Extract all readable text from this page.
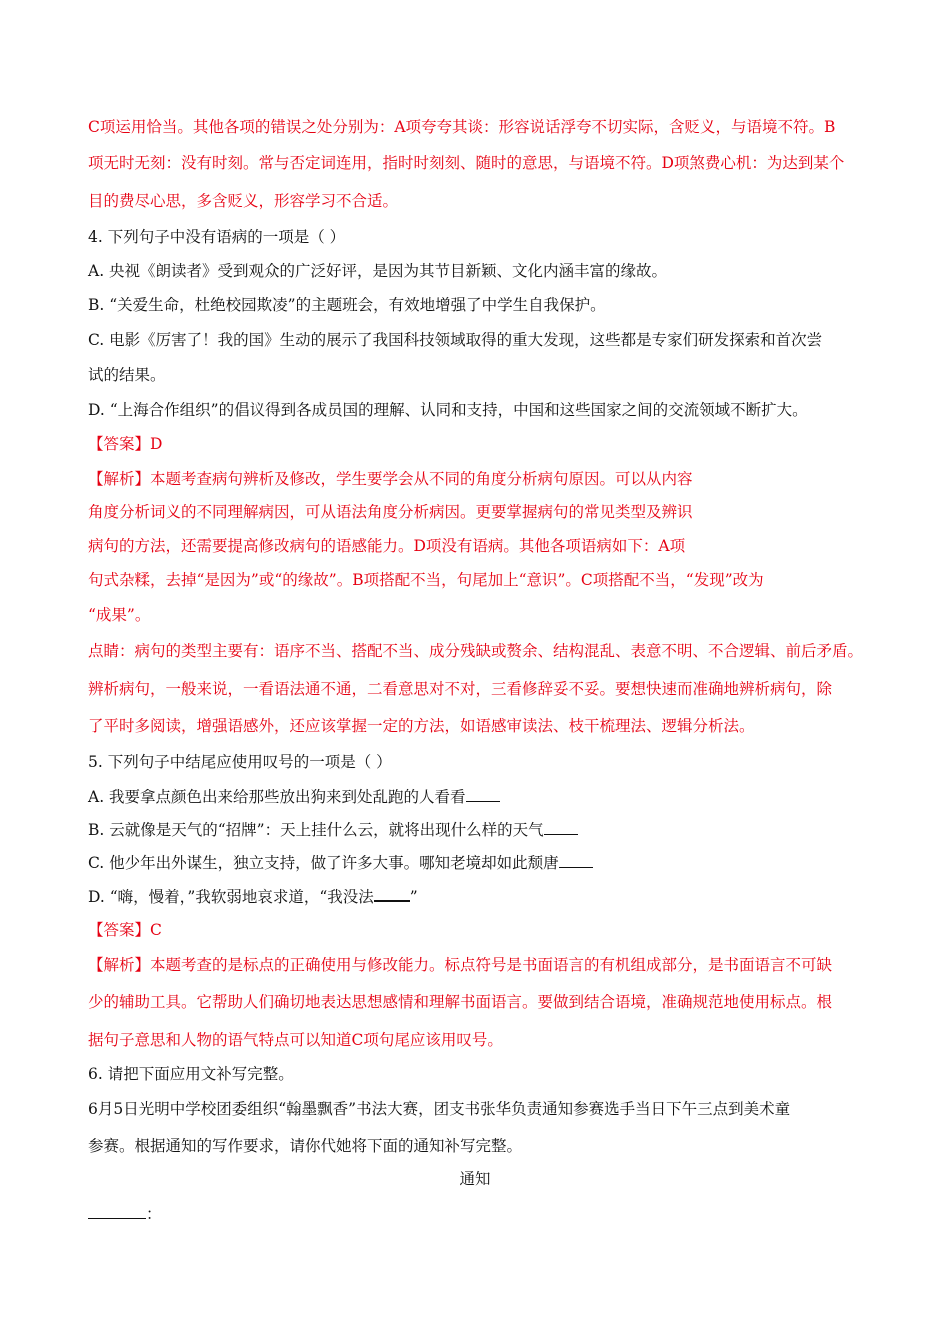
C项运用恰当。其他各项的错误之处分别为：A项夸夸其谈：形容说话浮夸不切实际，含贬义，与语境不符。B
项无时无刻：没有时刻。常与否定词连用，指时时刻刻、随时的意思，与语境不符。D项煞费心机：为达到某个
目的费尽心思，多含贬义，形容学习不合适。
4. 下列句子中没有语病的一项是（ ）
A. 央视《朗读者》受到观众的广泛好评，是因为其节目新颖、文化内涵丰富的缘故。
B. “关爱生命，杜绝校园欺凌”的主题班会，有效地增强了中学生自我保护。
C. 电影《厉害了！我的国》生动的展示了我国科技领域取得的重大发现，这些都是专家们研发探索和首次尝
试的结果。
D. “上海合作组织”的倡议得到各成员国的理解、认同和支持，中国和这些国家之间的交流领域不断扩大。
【答案】D
【解析】本题考查病句辨析及修改，学生要学会从不同的角度分析病句原因。可以从内容
角度分析词义的不同理解病因，可从语法角度分析病因。更要掌握病句的常见类型及辨识
病句的方法，还需要提高修改病句的语感能力。D项没有语病。其他各项语病如下：A项
句式杂糅，去掉“是因为”或“的缘故”。B项搭配不当，句尾加上“意识”。C项搭配不当，“发现”改为
“成果”。
点睛：病句的类型主要有：语序不当、搭配不当、成分残缺或赘余、结构混乱、表意不明、不合逻辑、前后矛盾。
辨析病句，一般来说，一看语法通不通，二看意思对不对，三看修辞妥不妥。要想快速而准确地辨析病句，除
了平时多阅读，增强语感外，还应该掌握一定的方法，如语感审读法、枝干梳理法、逻辑分析法。
5. 下列句子中结尾应使用叹号的一项是（ ）
A. 我要拿点颜色出来给那些放出狗来到处乱跑的人看看
B. 云就像是天气的“招牌”：天上挂什么云，就将出现什么样的天气
C. 他少年出外谋生，独立支持，做了许多大事。哪知老境却如此颓唐
D. “嗨，慢着，”我软弱地哀求道，“我没法 ”
【答案】C
【解析】本题考查的是标点的正确使用与修改能力。标点符号是书面语言的有机组成部分，是书面语言不可缺
少的辅助工具。它帮助人们确切地表达思想感情和理解书面语言。要做到结合语境，准确规范地使用标点。根
据句子意思和人物的语气特点可以知道C项句尾应该用叹号。
6. 请把下面应用文补写完整。
6月5日光明中学校团委组织“翰墨飘香”书法大赛，团支书张华负责通知参赛选手当日下午三点到美术童
参赛。根据通知的写作要求，请你代她将下面的通知补写完整。
通知
：
